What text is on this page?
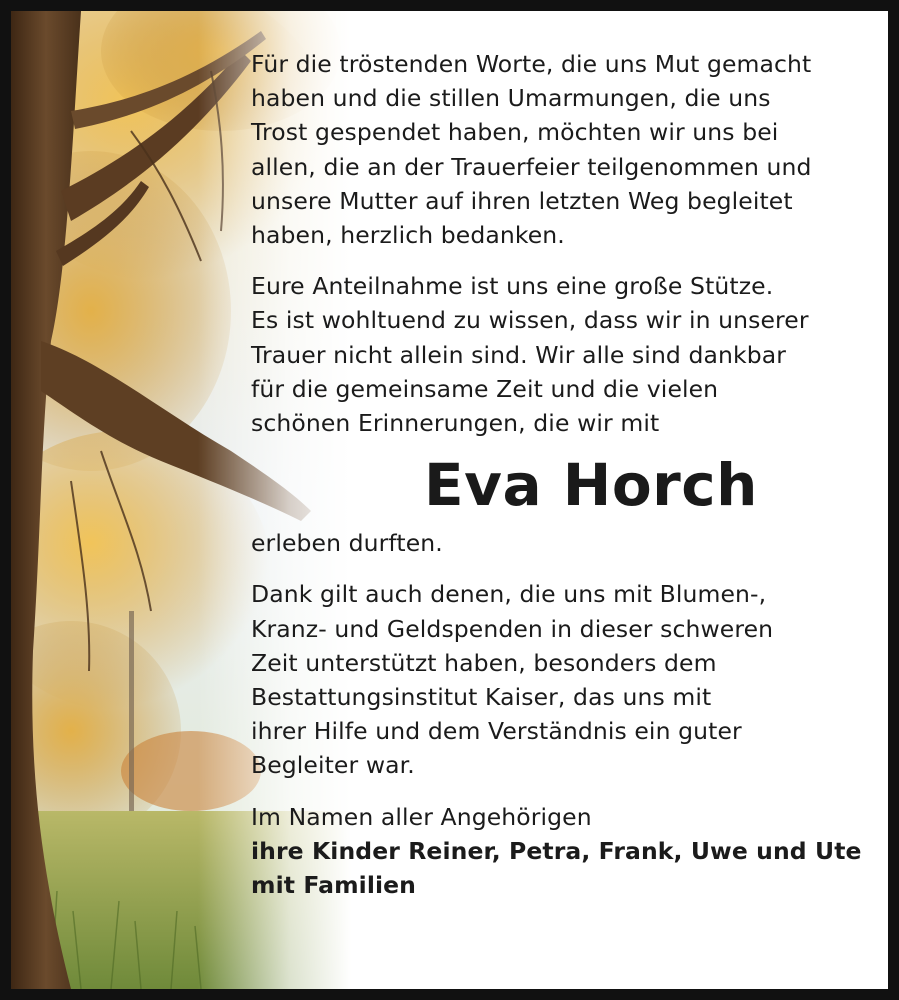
Für die tröstenden Worte, die uns Mut gemacht
haben und die stillen Umarmungen, die uns
Trost gespendet haben, möchten wir uns bei
allen, die an der Trauerfeier teilgenommen und
unsere Mutter auf ihren letzten Weg begleitet
haben, herzlich bedanken.
Eure Anteilnahme ist uns eine große Stütze.
Es ist wohltuend zu wissen, dass wir in unserer
Trauer nicht allein sind. Wir alle sind dankbar
für die gemeinsame Zeit und die vielen
schönen Erinnerungen, die wir mit
Eva Horch
erleben durften.
Dank gilt auch denen, die uns mit Blumen-,
Kranz- und Geldspenden in dieser schweren
Zeit unterstützt haben, besonders dem
Bestattungsinstitut Kaiser, das uns mit
ihrer Hilfe und dem Verständnis ein guter
Begleiter war.
Im Namen aller Angehörigen
ihre Kinder Reiner, Petra, Frank, Uwe und Ute
mit Familien
